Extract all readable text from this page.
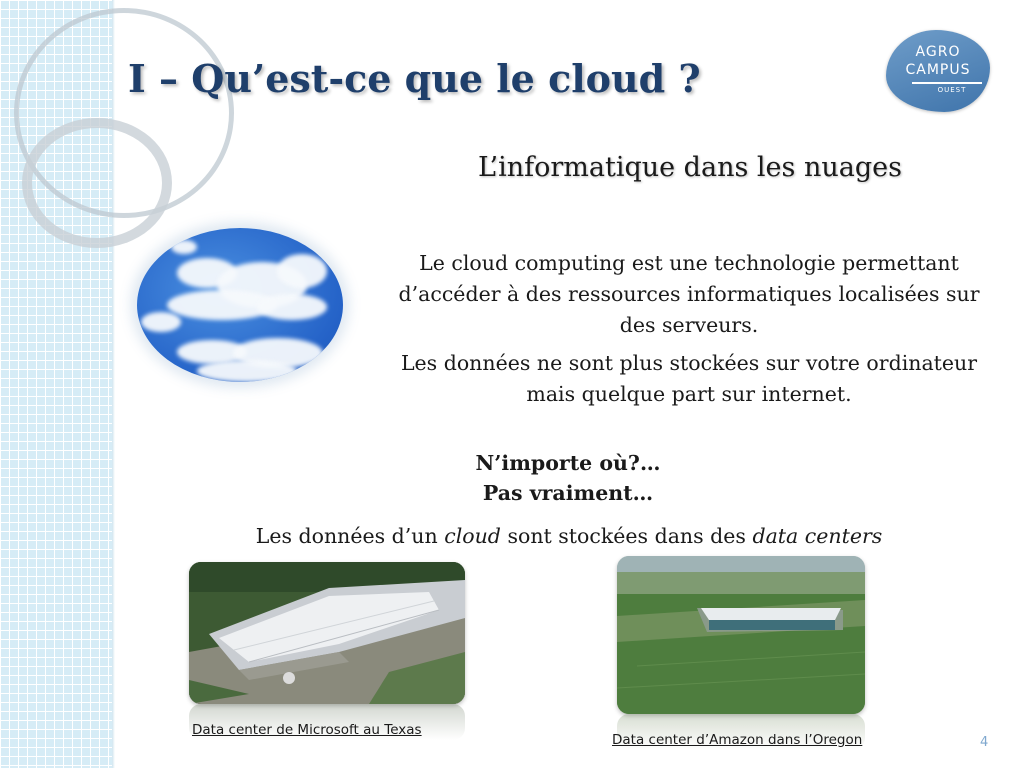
I – Qu’est-ce que le cloud ?
AGRO
CAMPUS
OUEST
L’informatique dans les nuages

Le cloud computing est une technologie permettant d’accéder à des ressources informatiques localisées sur des serveurs.

Les données ne sont plus stockées sur votre ordinateur mais quelque part sur internet.

N’importe où?…
Pas vraiment…
Les données d’un cloud sont stockées dans des data centers
Data center de Microsoft au Texas
Data center d’Amazon dans l’Oregon	4
